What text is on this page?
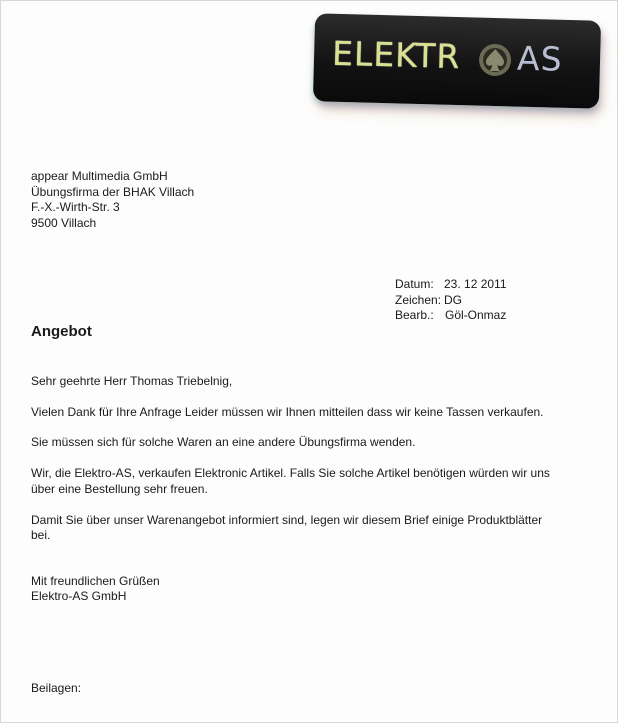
ELEKTR AS
appear Multimedia GmbH
Übungsfirma der BHAK Villach
F.-X.-Wirth-Str. 3
9500 Villach
Datum: 23. 12 2011
Zeichen: DG
Bearb.: Göl-Onmaz
Angebot
Sehr geehrte Herr Thomas Triebelnig,
Vielen Dank für Ihre Anfrage Leider müssen wir Ihnen mitteilen dass wir keine Tassen verkaufen.
Sie müssen sich für solche Waren an eine andere Übungsfirma wenden.
Wir, die Elektro-AS, verkaufen Elektronic Artikel. Falls Sie solche Artikel benötigen würden wir uns
über eine Bestellung sehr freuen.
Damit Sie über unser Warenangebot informiert sind, legen wir diesem Brief einige Produktblätter
bei.
Mit freundlichen Grüßen
Elektro-AS GmbH
Beilagen:
